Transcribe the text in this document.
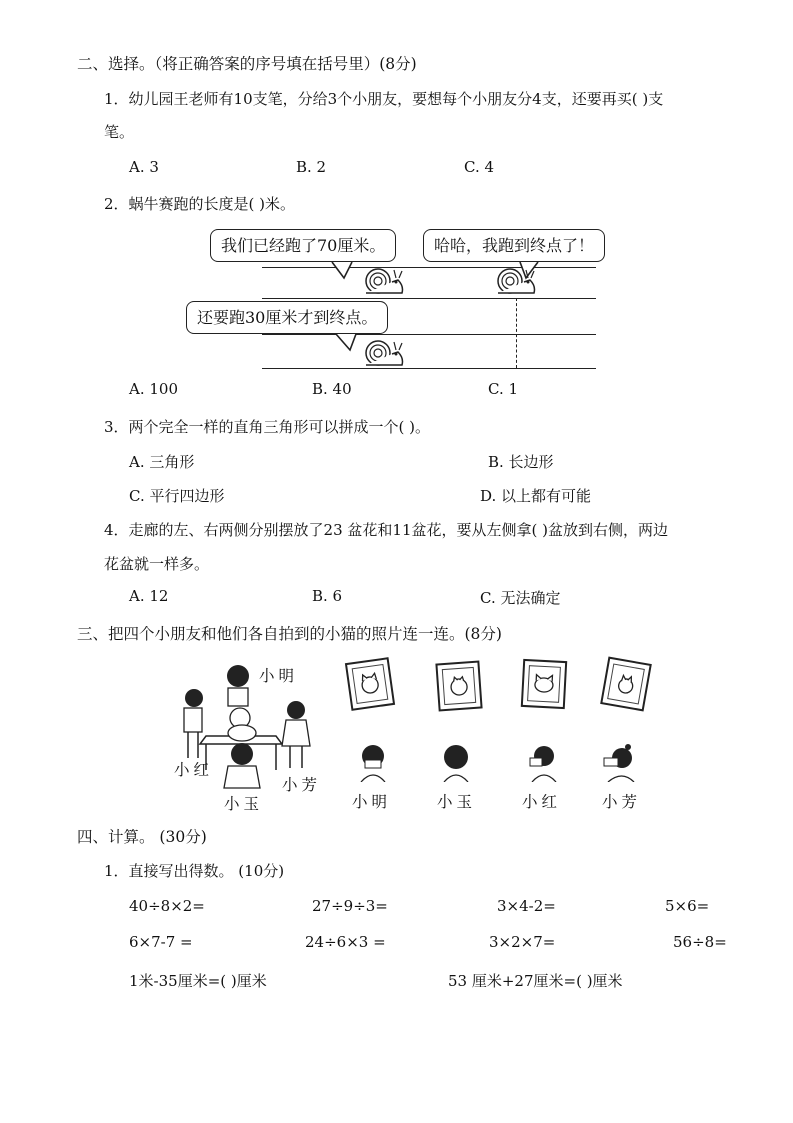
二、选择。（将正确答案的序号填在括号里）(8分)
1．幼儿园王老师有10支笔，分给3个小朋友，要想每个小朋友分4支，还要再买( )支
笔。
A. 3	B. 2	C. 4
2．蜗牛赛跑的长度是( )米。
我们已经跑了70厘米。	哈哈，我跑到终点了！
还要跑30厘米才到终点。
A. 100	B. 40	C. 1
3．两个完全一样的直角三角形可以拼成一个( )。
A. 三角形	B. 长边形
C. 平行四边形	D. 以上都有可能
4．走廊的左、右两侧分别摆放了23 盆花和11盆花，要从左侧拿( )盆放到右侧，两边
花盆就一样多。
A. 12	B. 6	C. 无法确定
三、把四个小朋友和他们各自拍到的小猫的照片连一连。(8分)
小明
小红
小玉
小芳
小明	小玉	小红	小芳
四、计算。 (30分)
1．直接写出得数。 (10分)
40÷8×2=	27÷9÷3=	3×4-2=	5×6=
6×7-7 =	24÷6×3 =	3×2×7=	56÷8=
1米-35厘米=( )厘米	53 厘米+27厘米=( )厘米
